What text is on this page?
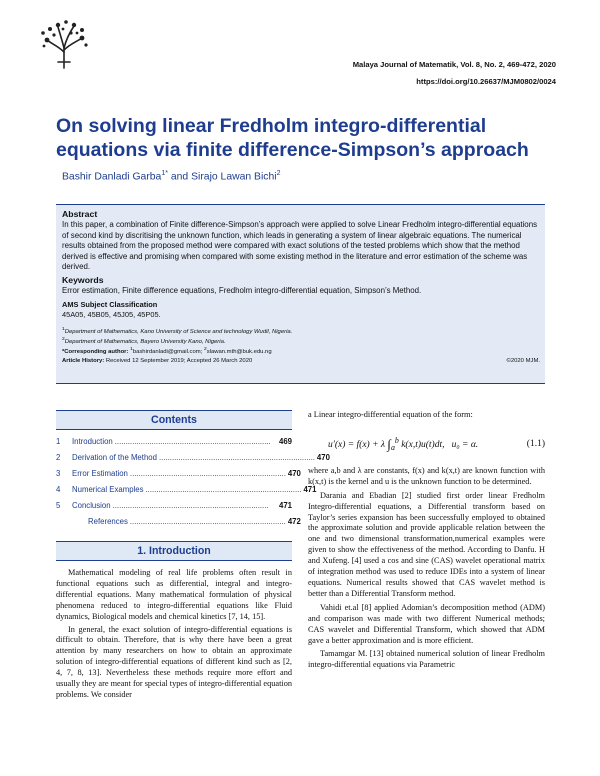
Malaya Journal of Matematik, Vol. 8, No. 2, 469-472, 2020
https://doi.org/10.26637/MJM0802/0024
On solving linear Fredholm integro-differential equations via finite difference-Simpson’s approach
Bashir Danladi Garba$^{1*}$ and Sirajo Lawan Bichi$^2$
Abstract

In this paper, a combination of Finite difference-Simpson’s approach were applied to solve Linear Fredholm integro-differential equations of second kind by discritising the unknown function, which leads in generating a system of linear algebraic equations. The numerical results obtained from the proposed method were compared with exact solutions of the tested problems which show that the method derived is effective and promising when compared with some existing method in the literature and error estimation of the scheme was derived.

Keywords

Error estimation, Finite difference equations, Fredholm integro-differential equation, Simpson’s Method.

AMS Subject Classification

45A05, 45B05, 45J05, 45P05.

$^1$Department of Mathematics, Kano University of Science and technology Wudil, Nigeria.
$^2$Department of Mathematics, Bayero University Kano, Nigeria.
*Corresponding author: $^1$bashirdanladi@gmail.com; $^2$slawan.mth@buk.edu.ng
Article History: Received 12 September 2019; Accepted 26 March 2020	©2020 MJM.
Contents
1	Introduction ........................................................................	469
2	Derivation of the Method ........................................................................ 470
3	Error Estimation ........................................................................ 470
4	Numerical Examples ........................................................................ 471
5	Conclusion ........................................................................	471
References ........................................................................ 472
1. Introduction

Mathematical modeling of real life problems often result in functional equations such as differential, integral and integro-differential equations. Many mathematical formulation of physical phenomena reduced to integro-differential equations like Fluid dynamics, Biological models and chemical kinetics [7, 14, 15].

In general, the exact solution of integro-differential equations is difficult to obtain. Therefore, that is why there have been a great attention by many researchers on how to obtain an approximate solution of integro-differential equations of different kind such as [2, 4, 7, 8, 13]. Nevertheless these methods require more effort and usually they are meant for special types of integro-differential equation problems. We consider

a Linear integro-differential equation of the form:

u′(x) = f(x) + λ $\int_a^b$ k(x,t)u(t)dt, u₀ = α.	(1.1)

where a,b and λ are constants, f(x) and k(x,t) are known function with k(x,t) is the kernel and u is the unknown function to be determined.

Darania and Ebadian [2] studied first order linear Fredholm Integro-differential equations, a Differential transform based on Taylor’s series expansion has been successfully employed to obtained the approximate solution and provide applicable relation between the one and two dimensional transformation,numerical examples were given to show the effectiveness of the method. According to Danfu. H and Xufeng. [4] used a cos and sine (CAS) wavelet operational matrix of integration method was used to reduce IDEs into a system of linear equations. Numerical results showed that CAS wavelet method is better than a Differential Transform method.

Vahidi et.al [8] applied Adomian’s decomposition method (ADM) and comparison was made with two different Numerical methods; CAS wavelet and Differential Transform, which showed that ADM gave a better approximation and is more efficient.

Tamamgar M. [13] obtained numerical solution of linear Fredholm integro-differential equations via Parametric
